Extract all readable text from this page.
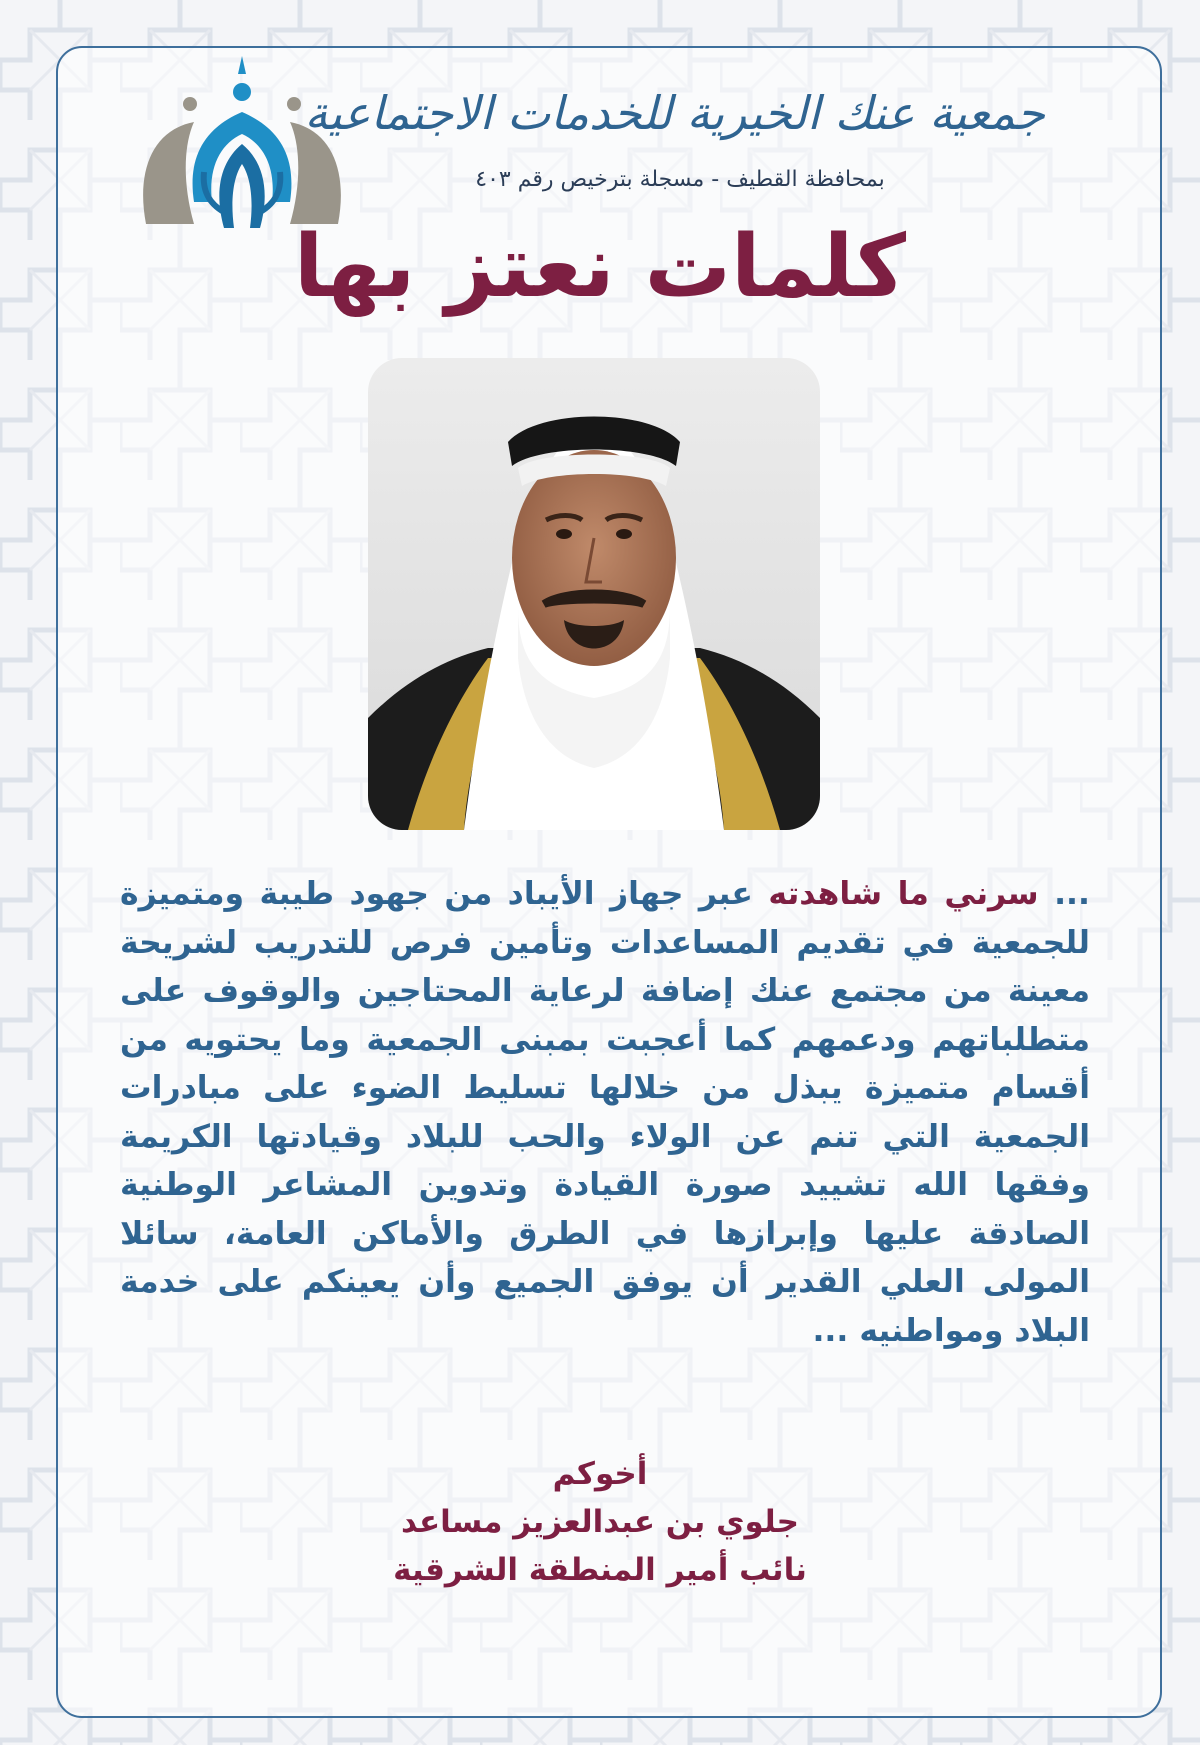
جمعية عنك الخيرية للخدمات الاجتماعية
بمحافظة القطيف - مسجلة بترخيص رقم ٤٠٣
كلمات نعتز بها

... سرني ما شاهدته عبر جهاز الأيباد من جهود طيبة ومتميزة للجمعية في تقديم المساعدات وتأمين فرص للتدريب لشريحة معينة من مجتمع عنك إضافة لرعاية المحتاجين والوقوف على متطلباتهم ودعمهم كما أعجبت بمبنى الجمعية وما يحتويه من أقسام متميزة يبذل من خلالها تسليط الضوء على مبادرات الجمعية التي تنم عن الولاء والحب للبلاد وقيادتها الكريمة وفقها الله تشييد صورة القيادة وتدوين المشاعر الوطنية الصادقة عليها وإبرازها في الطرق والأماكن العامة، سائلا المولى العلي القدير أن يوفق الجميع وأن يعينكم على خدمة البلاد ومواطنيه ...

أخوكم
جلوي بن عبدالعزيز مساعد
نائب أمير المنطقة الشرقية
